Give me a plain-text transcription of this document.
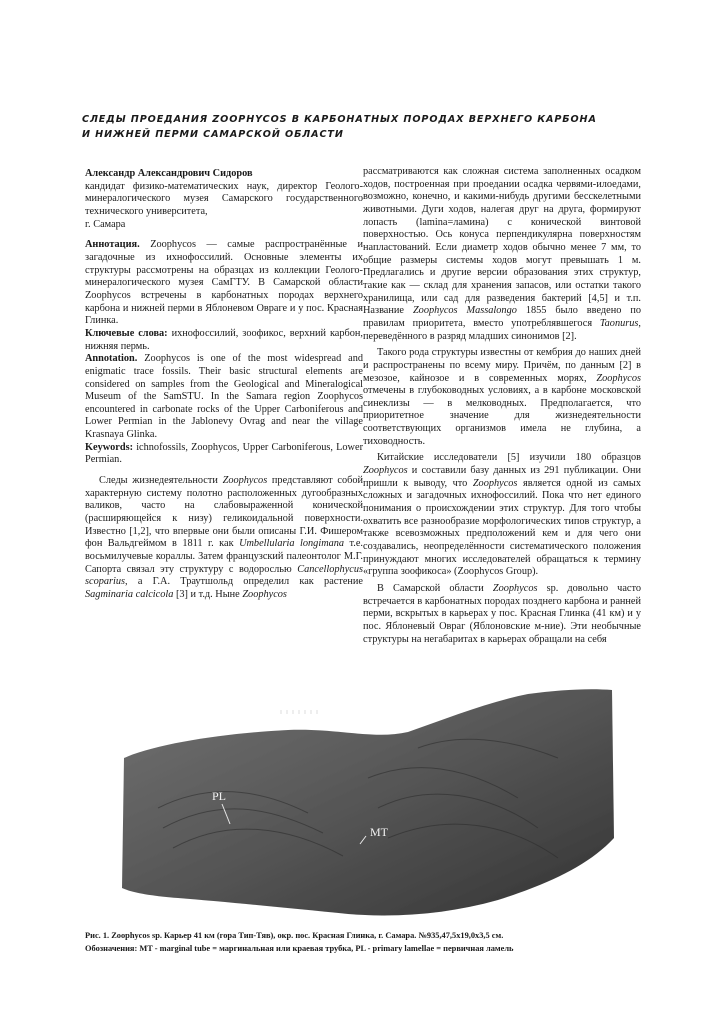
СЛЕДЫ ПРОЕДАНИЯ ZOOPHYCOS В КАРБОНАТНЫХ ПОРОДАХ ВЕРХНЕГО КАРБОНА
И НИЖНЕЙ ПЕРМИ САМАРСКОЙ ОБЛАСТИ

Александр Александрович Сидоров

кандидат физико-математических наук, директор Геолого-минералогического музея Самарского государственного технического университета,

г. Самара

Аннотация. Zoophycos — самые распространённые и загадочные из ихнофоссилий. Основные элементы их структуры рассмотрены на образцах из коллекции Геолого-минералогического музея СамГТУ. В Самарской области Zoophycos встречены в карбонатных породах верхнего карбона и нижней перми в Яблоневом Овраге и у пос. Красная Глинка.

Ключевые слова: ихнофоссилий, зоофикос, верхний карбон, нижняя пермь.

Annotation. Zoophycos is one of the most widespread and enigmatic trace fossils. Their basic structural elements are considered on samples from the Geological and Mineralogical Museum of the SamSTU. In the Samara region Zoophycos encountered in carbonate rocks of the Upper Carboniferous and Lower Permian in the Jablonevy Ovrag and near the village Krasnaya Glinka.

Keywords: ichnofossils, Zoophycos, Upper Carboniferous, Lower Permian.

Следы жизнедеятельности Zoophycos представляют собой характерную систему полотно расположенных дугообразных валиков, часто на слабовыраженной конической (расширяющейся к низу) геликоидальной поверхности. Известно [1,2], что впервые они были описаны Г.И. Фишером фон Вальдгеймом в 1811 г. как Umbellularia longimana т.е. восьмилучевые кораллы. Затем французский палеонтолог М.Г. Сапорта связал эту структуру с водорослью Cancellophycus scoparius, а Г.А. Траутшольд определил как растение Sagminaria calcicola [3] и т.д. Ныне Zoophycos

рассматриваются как сложная система заполненных осадком ходов, построенная при проедании осадка червями-илоедами, возможно, конечно, и какими-нибудь другими бесскелетными животными. Дуги ходов, налегая друг на друга, формируют лопасть (lamina=ламина) с конической винтовой поверхностью. Ось конуса перпендикулярна поверхностям напластований. Если диаметр ходов обычно менее 7 мм, то общие размеры системы ходов могут превышать 1 м. Предлагались и другие версии образования этих структур, такие как — склад для хранения запасов, или остатки такого хранилища, или сад для разведения бактерий [4,5] и т.п. Название Zoophycos Massalongo 1855 было введено по правилам приоритета, вместо употреблявшегося Taonurus, переведённого в разряд младших синонимов [2].

Такого рода структуры известны от кембрия до наших дней и распространены по всему миру. Причём, по данным [2] в мезозое, кайнозое и в современных морях, Zoophycos отмечены в глубоководных условиях, а в карбоне московской синеклизы — в мелководных. Предполагается, что приоритетное значение для жизнедеятельности соответствующих организмов имела не глубина, а тиховодность.

Китайские исследователи [5] изучили 180 образцов Zoophycos и составили базу данных из 291 публикации. Они пришли к выводу, что Zoophycos является одной из самых сложных и загадочных ихнофоссилий. Пока что нет единого понимания о происхождении этих структур. Для того чтобы охватить все разнообразие морфологических типов структур, а также всевозможных предположений кем и для чего они создавались, неопределённости систематического положения принуждают многих исследователей обращаться к термину «группа зоофикоса» (Zoophycos Group).

В Самарской области Zoophycos sp. довольно часто встречается в карбонатных породах позднего карбона и ранней перми, вскрытых в карьерах у пос. Красная Глинка (41 км) и у пос. Яблоневый Овраг (Яблоновские м-ние). Эти необычные структуры на негабаритах в карьерах обращали на себя

PL
MT
Рис. 1. Zoophycos sp. Карьер 41 км (гора Тип-Тяв), окр. пос. Красная Глинка, г. Самара. №935,47,5х19,0х3,5 см.
Обозначения: MT - marginal tube = маргинальная или краевая трубка, PL - primary lamellae = первичная ламель
